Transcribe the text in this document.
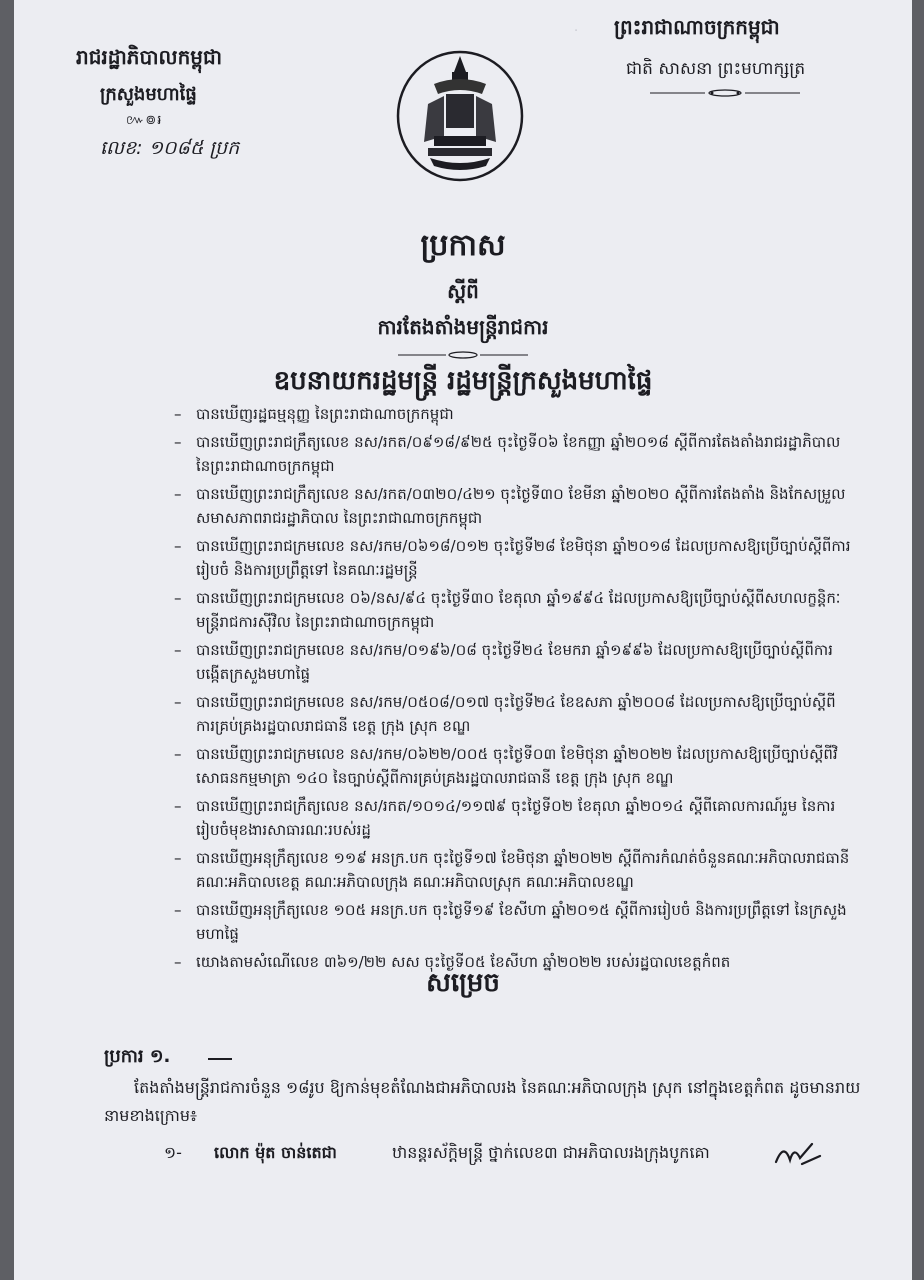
.
រាជរដ្ឋាភិបាលកម្ពុជា
ក្រសួងមហាផ្ទៃ
៚៙៛
លេខ: ១០៨៥ ប្រក
ព្រះរាជាណាចក្រកម្ពុជា
ជាតិ សាសនា ព្រះមហាក្សត្រ
ប្រកាស
ស្តីពី
ការតែងតាំងមន្ត្រីរាជការ
ឧបនាយករដ្ឋមន្ត្រី រដ្ឋមន្ត្រីក្រសួងមហាផ្ទៃ
– បានឃើញរដ្ឋធម្មនុញ្ញ នៃព្រះរាជាណាចក្រកម្ពុជា
– បានឃើញព្រះរាជក្រឹត្យលេខ នស/រកត/០៩១៨/៩២៥ ចុះថ្ងៃទី០៦ ខែកញ្ញា ឆ្នាំ២០១៨ ស្តីពីការតែងតាំងរាជរដ្ឋាភិបាល នៃព្រះរាជាណាចក្រកម្ពុជា
– បានឃើញព្រះរាជក្រឹត្យលេខ នស/រកត/០៣២០/៤២១ ចុះថ្ងៃទី៣០ ខែមីនា ឆ្នាំ២០២០ ស្តីពីការតែងតាំង និងកែសម្រួលសមាសភាពរាជរដ្ឋាភិបាល នៃព្រះរាជាណាចក្រកម្ពុជា
– បានឃើញព្រះរាជក្រមលេខ នស/រកម/០៦១៨/០១២ ចុះថ្ងៃទី២៨ ខែមិថុនា ឆ្នាំ២០១៨ ដែលប្រកាសឱ្យប្រើច្បាប់ស្តីពីការរៀបចំ និងការប្រព្រឹត្តទៅ នៃគណៈរដ្ឋមន្ត្រី
– បានឃើញព្រះរាជក្រមលេខ ០៦/នស/៩៤ ចុះថ្ងៃទី៣០ ខែតុលា ឆ្នាំ១៩៩៤ ដែលប្រកាសឱ្យប្រើច្បាប់ស្តីពីសហលក្ខន្តិកៈមន្ត្រីរាជការស៊ីវិល នៃព្រះរាជាណាចក្រកម្ពុជា
– បានឃើញព្រះរាជក្រមលេខ នស/រកម/០១៩៦/០៨ ចុះថ្ងៃទី២៤ ខែមករា ឆ្នាំ១៩៩៦ ដែលប្រកាសឱ្យប្រើច្បាប់ស្តីពីការបង្កើតក្រសួងមហាផ្ទៃ
– បានឃើញព្រះរាជក្រមលេខ នស/រកម/០៥០៨/០១៧ ចុះថ្ងៃទី២៤ ខែឧសភា ឆ្នាំ២០០៨ ដែលប្រកាសឱ្យប្រើច្បាប់ស្តីពីការគ្រប់គ្រងរដ្ឋបាលរាជធានី ខេត្ត ក្រុង ស្រុក ខណ្ឌ
– បានឃើញព្រះរាជក្រមលេខ នស/រកម/០៦២២/០០៥ ចុះថ្ងៃទី០៣ ខែមិថុនា ឆ្នាំ២០២២ ដែលប្រកាសឱ្យប្រើច្បាប់ស្តីពីវិសោធនកម្មមាត្រា ១៤០ នៃច្បាប់ស្តីពីការគ្រប់គ្រងរដ្ឋបាលរាជធានី ខេត្ត ក្រុង ស្រុក ខណ្ឌ
– បានឃើញព្រះរាជក្រឹត្យលេខ នស/រកត/១០១៤/១១៧៩ ចុះថ្ងៃទី០២ ខែតុលា ឆ្នាំ២០១៤ ស្តីពីគោលការណ៍រួម នៃការរៀបចំមុខងារសាធារណៈរបស់រដ្ឋ
– បានឃើញអនុក្រឹត្យលេខ ១១៩ អនក្រ.បក ចុះថ្ងៃទី១៧ ខែមិថុនា ឆ្នាំ២០២២ ស្តីពីការកំណត់ចំនួនគណៈអភិបាលរាជធានី គណៈអភិបាលខេត្ត គណៈអភិបាលក្រុង គណៈអភិបាលស្រុក គណៈអភិបាលខណ្ឌ
– បានឃើញអនុក្រឹត្យលេខ ១០៥ អនក្រ.បក ចុះថ្ងៃទី១៩ ខែសីហា ឆ្នាំ២០១៥ ស្តីពីការរៀបចំ និងការប្រព្រឹត្តទៅ នៃក្រសួងមហាផ្ទៃ
– យោងតាមសំណើលេខ ៣៦១/២២ សស ចុះថ្ងៃទី០៥ ខែសីហា ឆ្នាំ២០២២ របស់រដ្ឋបាលខេត្តកំពត
សម្រេច
ប្រការ ១.
តែងតាំងមន្ត្រីរាជការចំនួន ១៨រូប ឱ្យកាន់មុខតំណែងជាអភិបាលរង នៃគណៈអភិបាលក្រុង ស្រុក នៅក្នុងខេត្តកំពត ដូចមានរាយនាមខាងក្រោម៖
១- លោក ម៉ុត ចាន់តេជា	ឋានន្តរស័ក្តិមន្ត្រី ថ្នាក់លេខ៣ ជាអភិបាលរងក្រុងបូកគោ
